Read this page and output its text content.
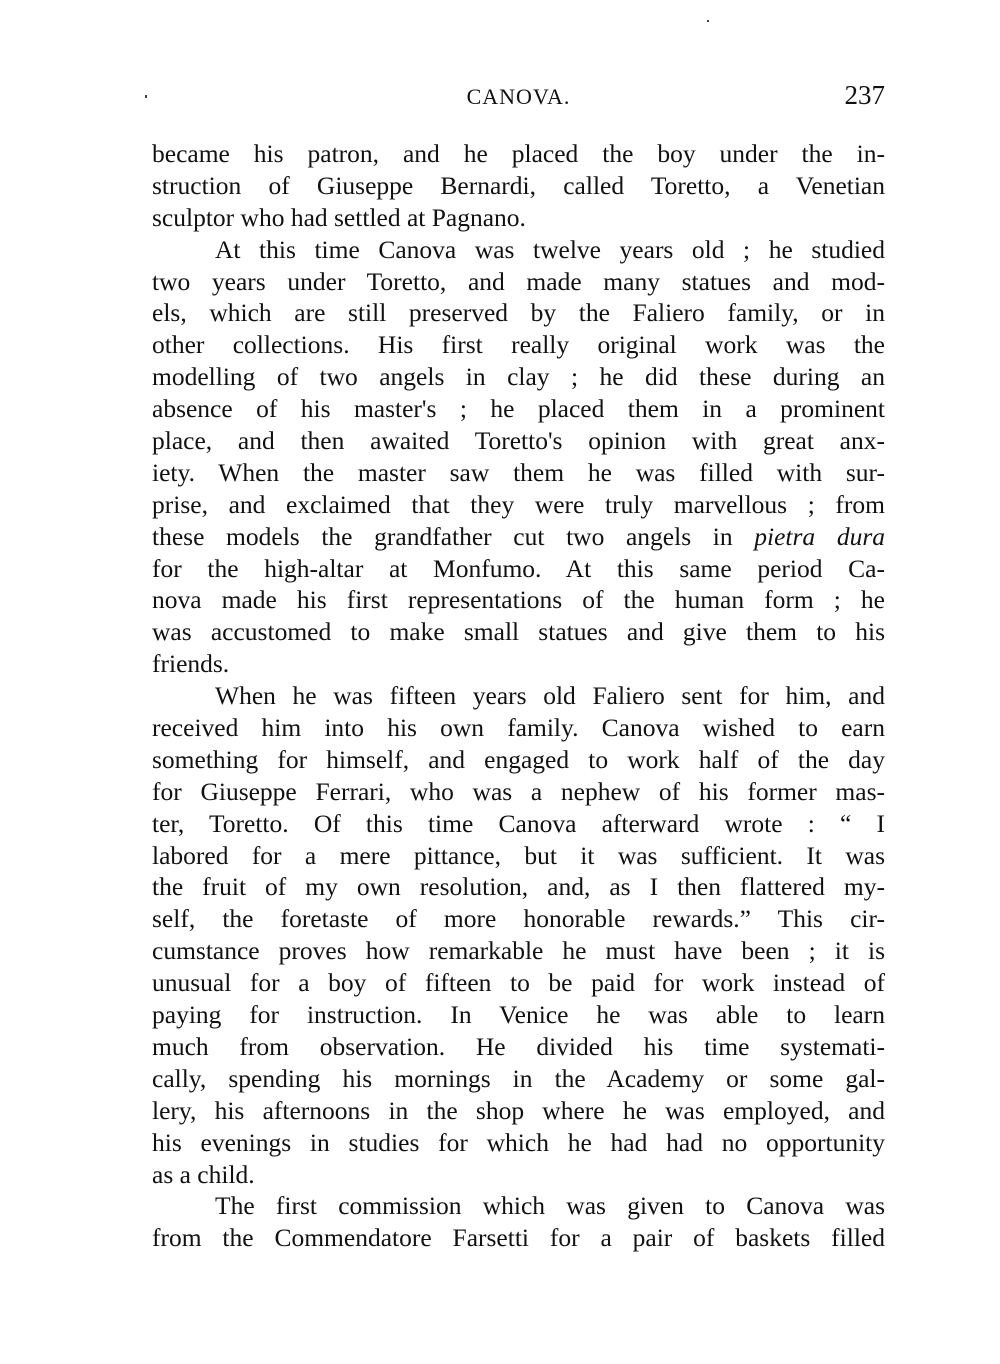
CANOVA.	237
became his patron, and he placed the boy under the in-
struction of Giuseppe Bernardi, called Toretto, a Venetian
sculptor who had settled at Pagnano.
At this time Canova was twelve years old ; he studied
two years under Toretto, and made many statues and mod-
els, which are still preserved by the Faliero family, or in
other collections. His first really original work was the
modelling of two angels in clay ; he did these during an
absence of his master's ; he placed them in a prominent
place, and then awaited Toretto's opinion with great anx-
iety. When the master saw them he was filled with sur-
prise, and exclaimed that they were truly marvellous ; from
these models the grandfather cut two angels in pietra dura
for the high-altar at Monfumo. At this same period Ca-
nova made his first representations of the human form ; he
was accustomed to make small statues and give them to his
friends.
When he was fifteen years old Faliero sent for him, and
received him into his own family. Canova wished to earn
something for himself, and engaged to work half of the day
for Giuseppe Ferrari, who was a nephew of his former mas-
ter, Toretto. Of this time Canova afterward wrote : “ I
labored for a mere pittance, but it was sufficient. It was
the fruit of my own resolution, and, as I then flattered my-
self, the foretaste of more honorable rewards.” This cir-
cumstance proves how remarkable he must have been ; it is
unusual for a boy of fifteen to be paid for work instead of
paying for instruction. In Venice he was able to learn
much from observation. He divided his time systemati-
cally, spending his mornings in the Academy or some gal-
lery, his afternoons in the shop where he was employed, and
his evenings in studies for which he had had no opportunity
as a child.
The first commission which was given to Canova was
from the Commendatore Farsetti for a pair of baskets filled
